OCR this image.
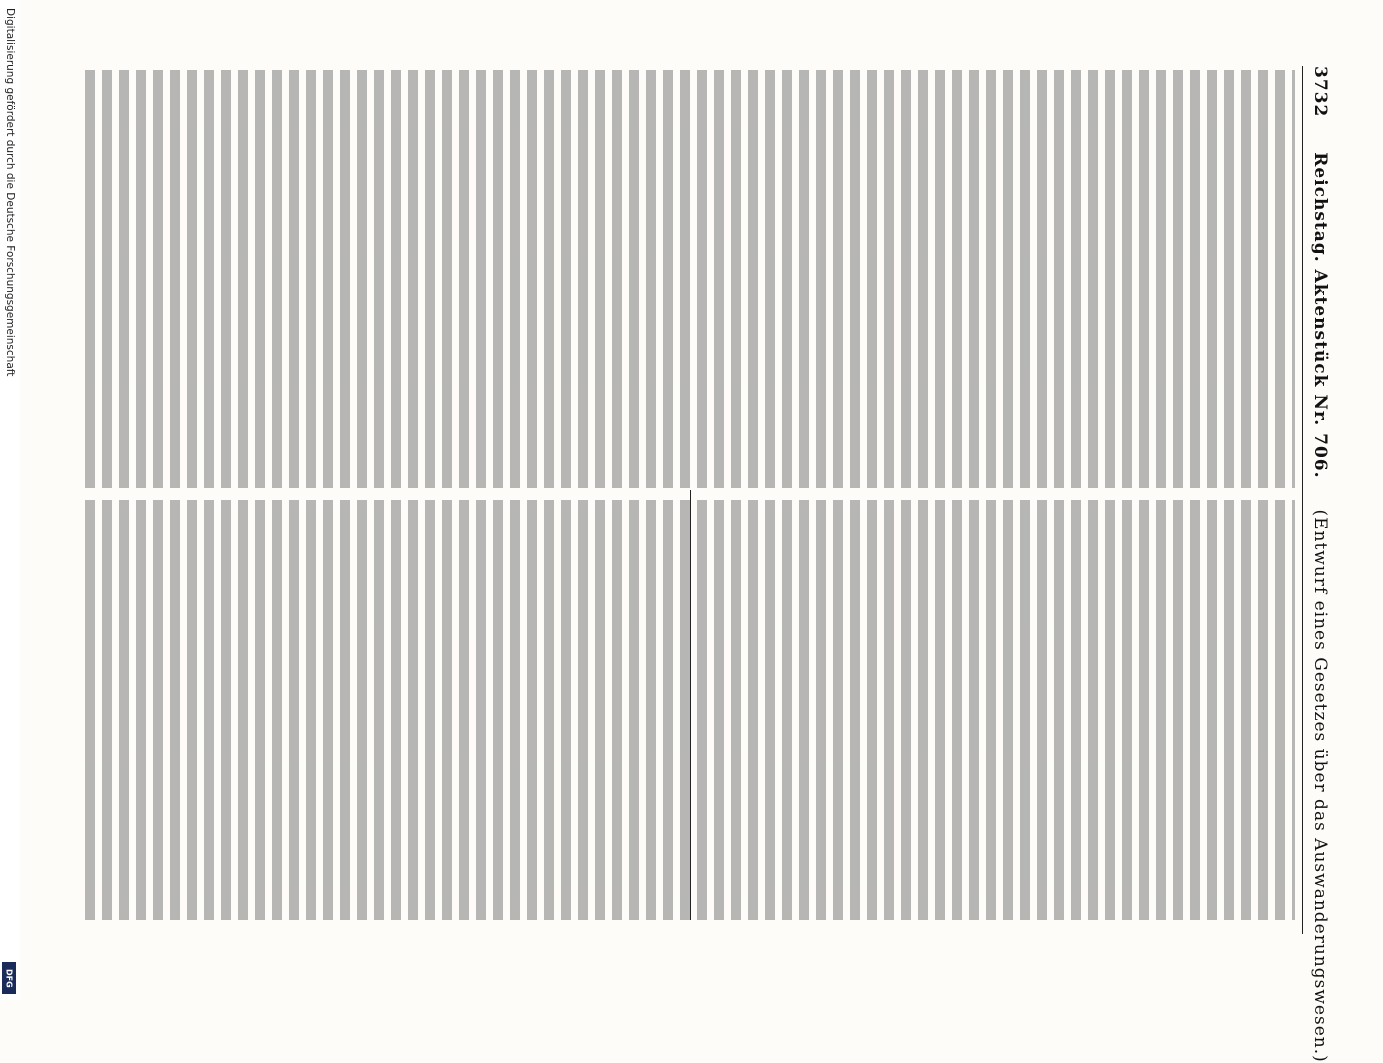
Digitalisierung gefördert durch die Deutsche Forschungsgemeinschaft
DFG
3732 Reichstag. Aktenstück Nr. 706. (Entwurf eines Gesetzes über das Auswanderungswesen.)
